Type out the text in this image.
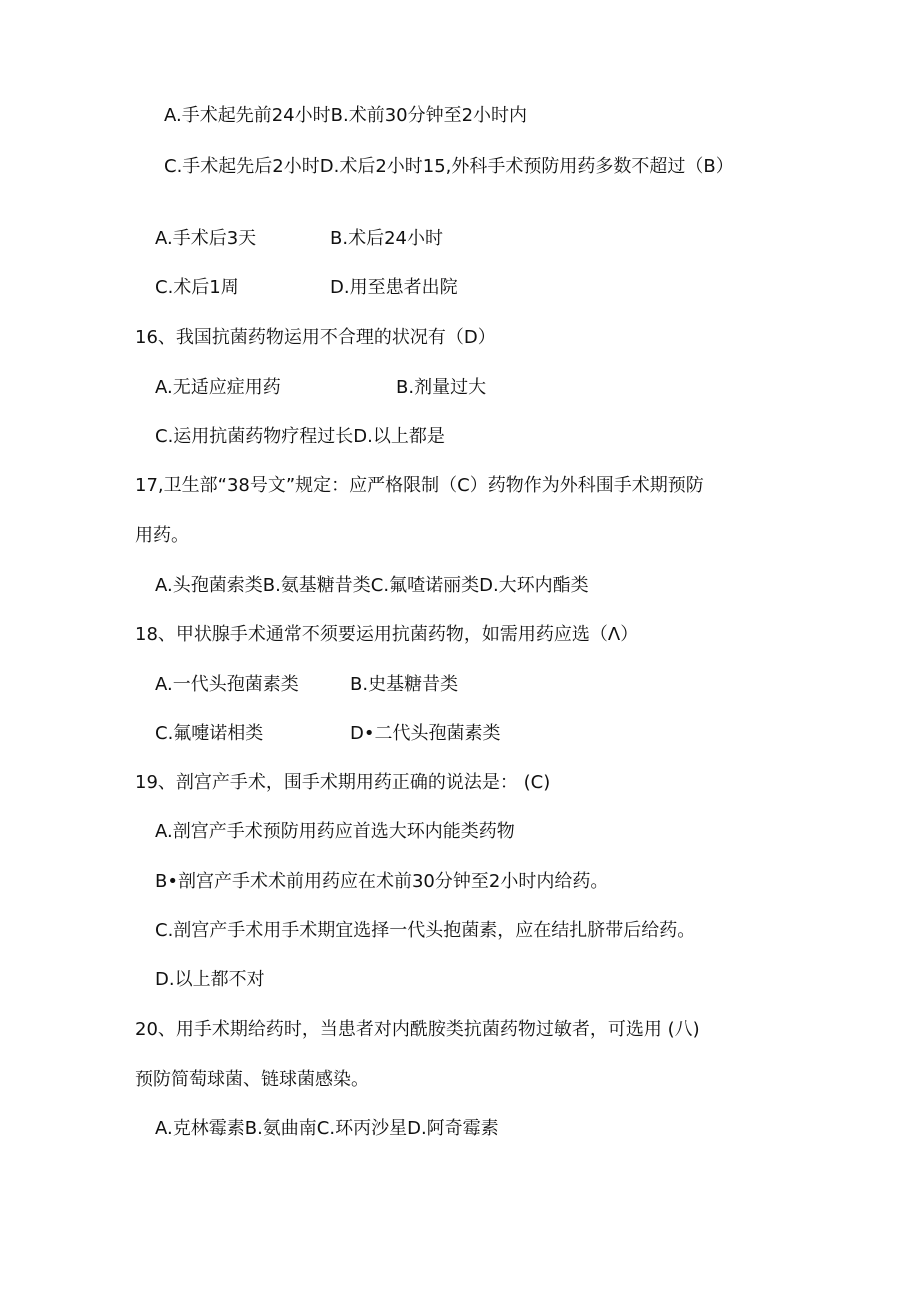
A.手术起先前24小时B.术前30分钟至2小时内
C.手术起先后2小时D.术后2小时15,外科手术预防用药多数不超过（B）
A.手术后3天	B.术后24小时
C.术后1周	D.用至患者出院
16、我国抗菌药物运用不合理的状况有（D）
A.无适应症用药	B.剂量过大
C.运用抗菌药物疗程过长D.以上都是
17,卫生部“38号文”规定：应严格限制（C）药物作为外科围手术期预防
用药。
A.头孢菌索类B.氨基糖昔类C.氟喳诺丽类D.大环内酯类
18、甲状腺手术通常不须要运用抗菌药物，如需用药应选（Λ）
A.一代头孢菌素类	B.史基糖昔类
C.氟嚏诺相类	D•二代头孢菌素类
19、剖宫产手术，围手术期用药正确的说法是： (C)
A.剖宫产手术预防用药应首选大环内能类药物
B•剖宫产手术术前用药应在术前30分钟至2小时内给药。
C.剖宫产手术用手术期宜选择一代头抱菌素，应在结扎脐带后给药。
D.以上都不对
20、用手术期给药时，当患者对内酰胺类抗菌药物过敏者，可选用 (八)
预防简萄球菌、链球菌感染。
A.克林霉素B.氨曲南C.环丙沙星D.阿奇霉素
